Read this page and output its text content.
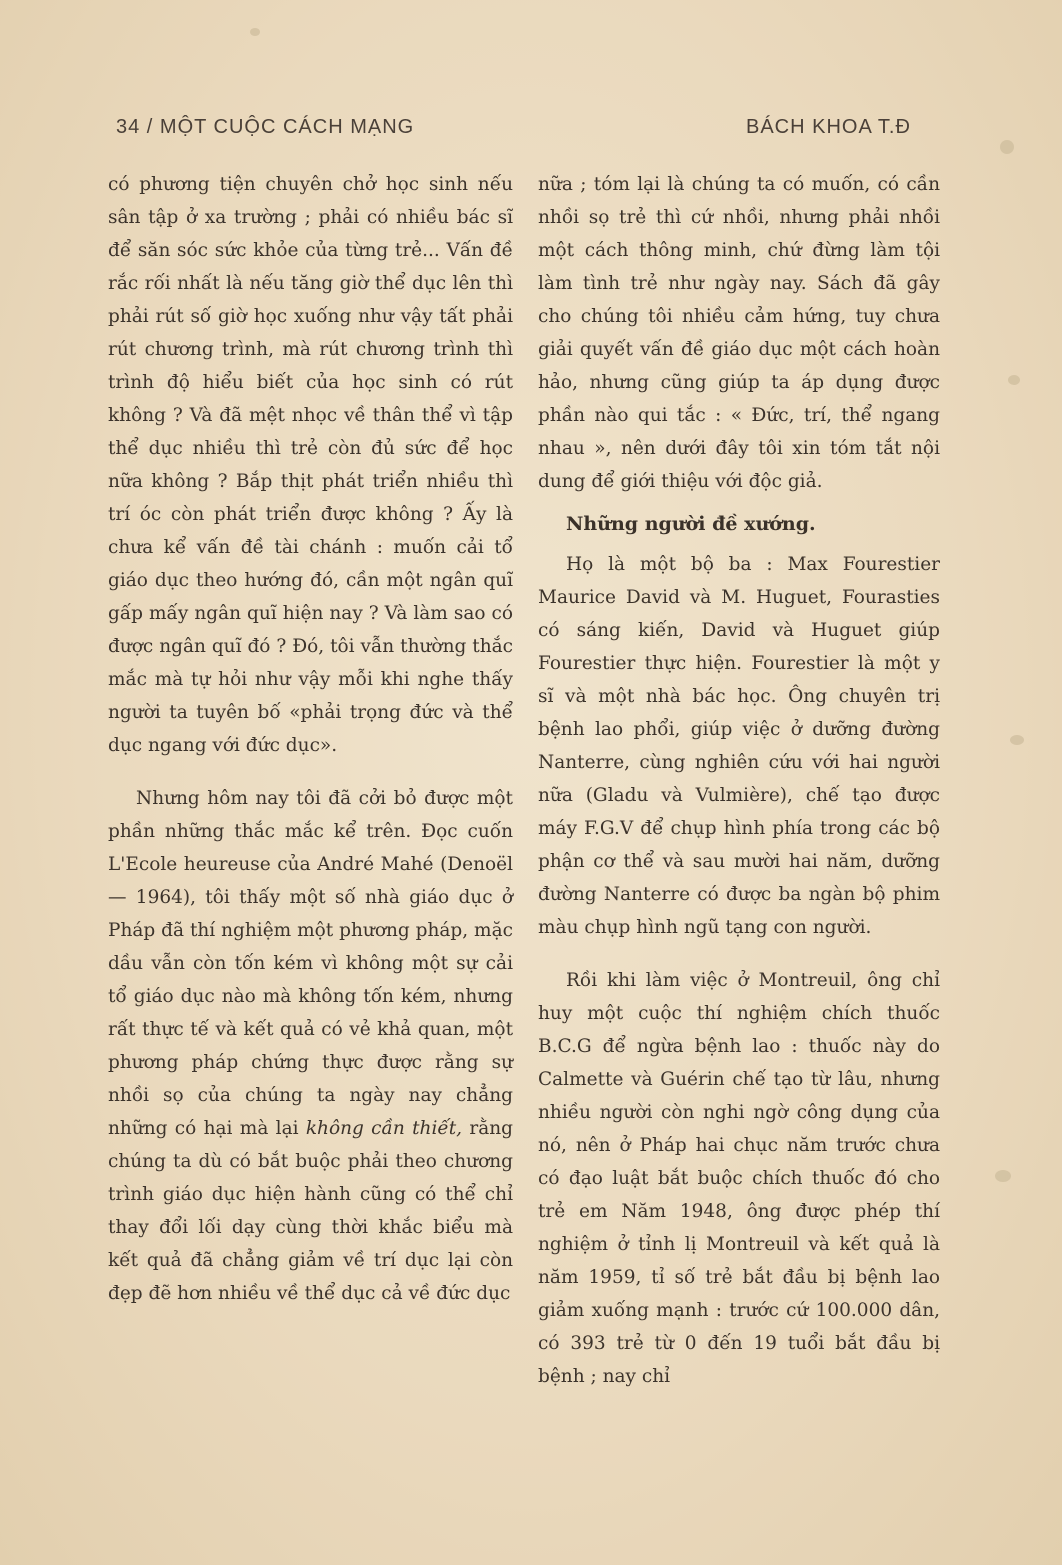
34 / MỘT CUỘC CÁCH MẠNG	BÁCH KHOA T.Đ

có phương tiện chuyên chở học sinh nếu sân tập ở xa trường ; phải có nhiều bác sĩ để săn sóc sức khỏe của từng trẻ... Vấn đề rắc rối nhất là nếu tăng giờ thể dục lên thì phải rút số giờ học xuống như vậy tất phải rút chương trình, mà rút chương trình thì trình độ hiểu biết của học sinh có rút không ? Và đã mệt nhọc về thân thể vì tập thể dục nhiều thì trẻ còn đủ sức để học nữa không ? Bắp thịt phát triển nhiều thì trí óc còn phát triển được không ? Ấy là chưa kể vấn đề tài chánh : muốn cải tổ giáo dục theo hướng đó, cần một ngân quĩ gấp mấy ngân quĩ hiện nay ? Và làm sao có được ngân quĩ đó ? Đó, tôi vẫn thường thắc mắc mà tự hỏi như vậy mỗi khi nghe thấy người ta tuyên bố «phải trọng đức và thể dục ngang với đức dục».

Nhưng hôm nay tôi đã cởi bỏ được một phần những thắc mắc kể trên. Đọc cuốn L'Ecole heureuse của André Mahé (Denoël — 1964), tôi thấy một số nhà giáo dục ở Pháp đã thí nghiệm một phương pháp, mặc dầu vẫn còn tốn kém vì không một sự cải tổ giáo dục nào mà không tốn kém, nhưng rất thực tế và kết quả có vẻ khả quan, một phương pháp chứng thực được rằng sự nhồi sọ của chúng ta ngày nay chẳng những có hại mà lại không cần thiết, rằng chúng ta dù có bắt buộc phải theo chương trình giáo dục hiện hành cũng có thể chỉ thay đổi lối dạy cùng thời khắc biểu mà kết quả đã chẳng giảm về trí dục lại còn đẹp đẽ hơn nhiều về thể dục cả về đức dục

nữa ; tóm lại là chúng ta có muốn, có cần nhồi sọ trẻ thì cứ nhồi, nhưng phải nhồi một cách thông minh, chứ đừng làm tội làm tình trẻ như ngày nay. Sách đã gây cho chúng tôi nhiều cảm hứng, tuy chưa giải quyết vấn đề giáo dục một cách hoàn hảo, nhưng cũng giúp ta áp dụng được phần nào qui tắc : « Đức, trí, thể ngang nhau », nên dưới đây tôi xin tóm tắt nội dung để giới thiệu với độc giả.

Những người đề xướng.

Họ là một bộ ba : Max Fourestier Maurice David và M. Huguet, Fourasties có sáng kiến, David và Huguet giúp Fourestier thực hiện. Fourestier là một y sĩ và một nhà bác học. Ông chuyên trị bệnh lao phổi, giúp việc ở dưỡng đường Nanterre, cùng nghiên cứu với hai người nữa (Gladu và Vulmière), chế tạo được máy F.G.V để chụp hình phía trong các bộ phận cơ thể và sau mười hai năm, dưỡng đường Nanterre có được ba ngàn bộ phim màu chụp hình ngũ tạng con người.

Rồi khi làm việc ở Montreuil, ông chỉ huy một cuộc thí nghiệm chích thuốc B.C.G để ngừa bệnh lao : thuốc này do Calmette và Guérin chế tạo từ lâu, nhưng nhiều người còn nghi ngờ công dụng của nó, nên ở Pháp hai chục năm trước chưa có đạo luật bắt buộc chích thuốc đó cho trẻ em Năm 1948, ông được phép thí nghiệm ở tỉnh lị Montreuil và kết quả là năm 1959, tỉ số trẻ bắt đầu bị bệnh lao giảm xuống mạnh : trước cứ 100.000 dân, có 393 trẻ từ 0 đến 19 tuổi bắt đầu bị bệnh ; nay chỉ
